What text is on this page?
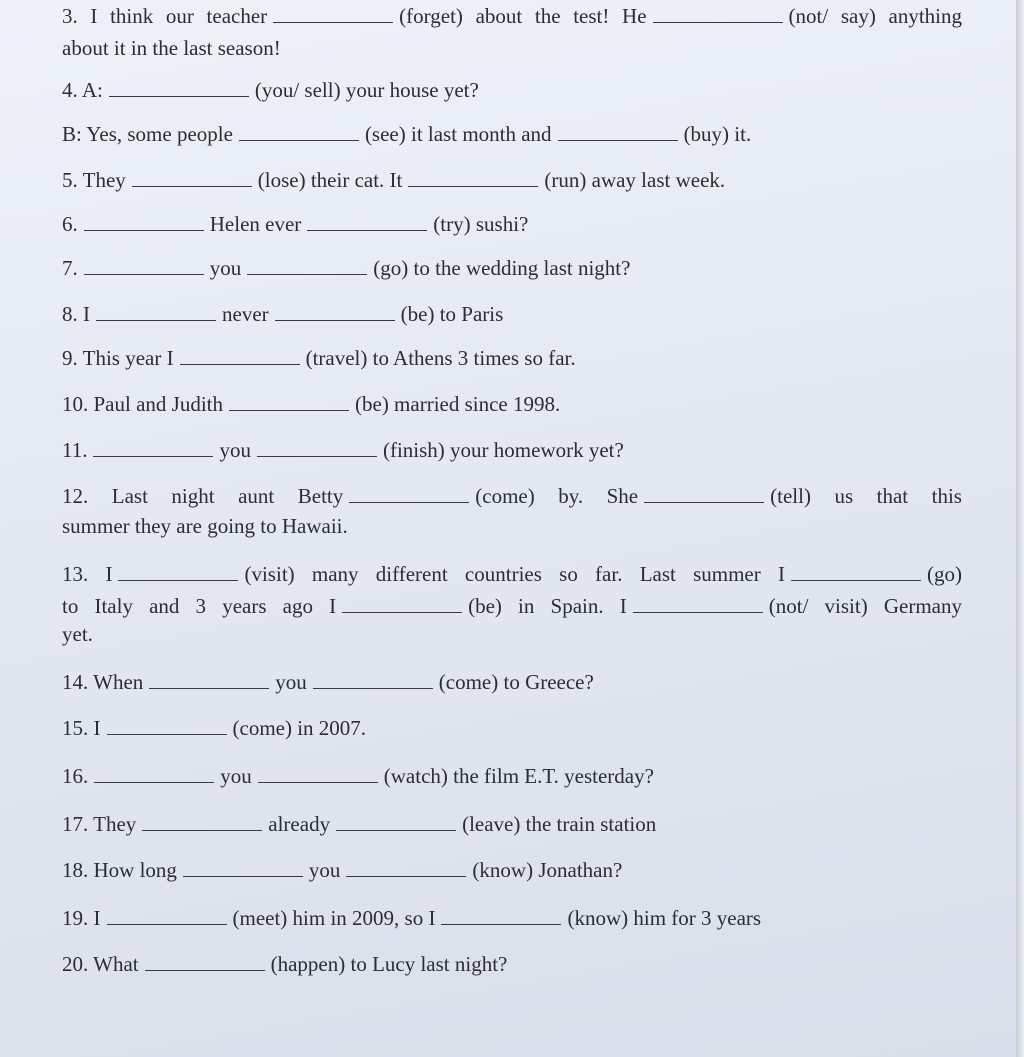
3. I think our teacher	(forget) about the test! He	(not/ say) anything
about it in the last season!
4. A:	(you/ sell) your house yet?
B: Yes, some people	(see) it last month and	(buy) it.
5. They	(lose) their cat. It	(run) away last week.
6.	Helen ever	(try) sushi?
7.	you	(go) to the wedding last night?
8. I	never	(be) to Paris
9. This year I	(travel) to Athens 3 times so far.
10. Paul and Judith	(be) married since 1998.
11.	you	(finish) your homework yet?
12. Last night aunt Betty	(come) by. She	(tell) us that this
summer they are going to Hawaii.
13. I	(visit) many different countries so far. Last summer I	(go)
to Italy and 3 years ago I	(be) in Spain. I	(not/ visit) Germany
yet.
14. When	you	(come) to Greece?
15. I	(come) in 2007.
16.	you	(watch) the film E.T. yesterday?
17. They	already	(leave) the train station
18. How long	you	(know) Jonathan?
19. I	(meet) him in 2009, so I	(know) him for 3 years
20. What	(happen) to Lucy last night?
